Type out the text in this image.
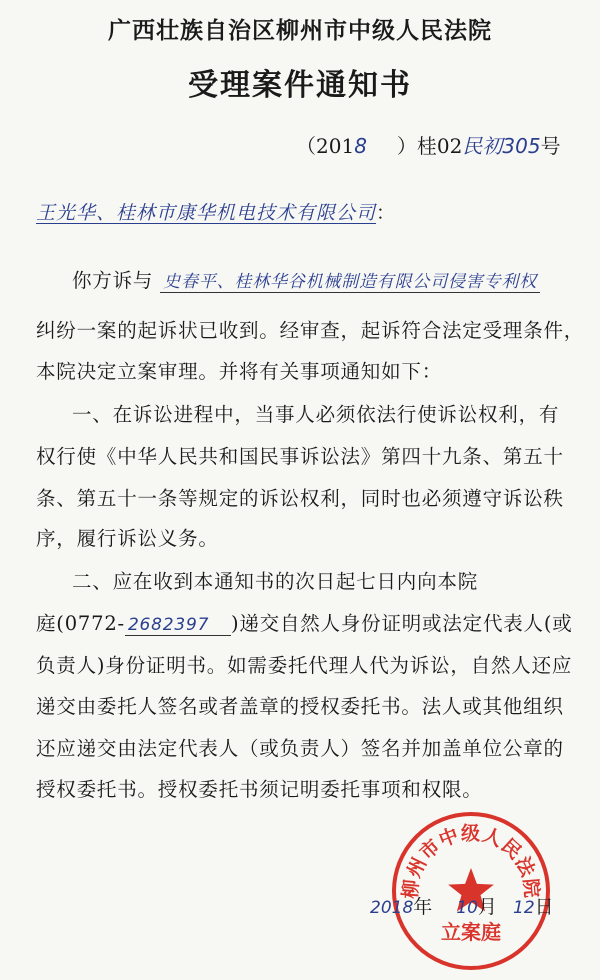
广西壮族自治区柳州市中级人民法院
受理案件通知书
（2018 ）桂02民初305号
王光华、桂林市康华机电技术有限公司：
你方诉与 史春平、桂林华谷机械制造有限公司侵害专利权
纠纷一案的起诉状已收到。经审查，起诉符合法定受理条件，
本院决定立案审理。并将有关事项通知如下：
一、在诉讼进程中，当事人必须依法行使诉讼权利，有
权行使《中华人民共和国民事诉讼法》第四十九条、第五十
条、第五十一条等规定的诉讼权利，同时也必须遵守诉讼秩
序，履行诉讼义务。
二、应在收到本通知书的次日起七日内向本院
庭(0772- 2682397 )递交自然人身份证明或法定代表人(或
负责人)身份证明书。如需委托代理人代为诉讼，自然人还应
递交由委托人签名或者盖章的授权委托书。法人或其他组织
还应递交由法定代表人（或负责人）签名并加盖单位公章的
授权委托书。授权委托书须记明委托事项和权限。
柳州市中级人民法院
立案庭
2018年 10月 12日
